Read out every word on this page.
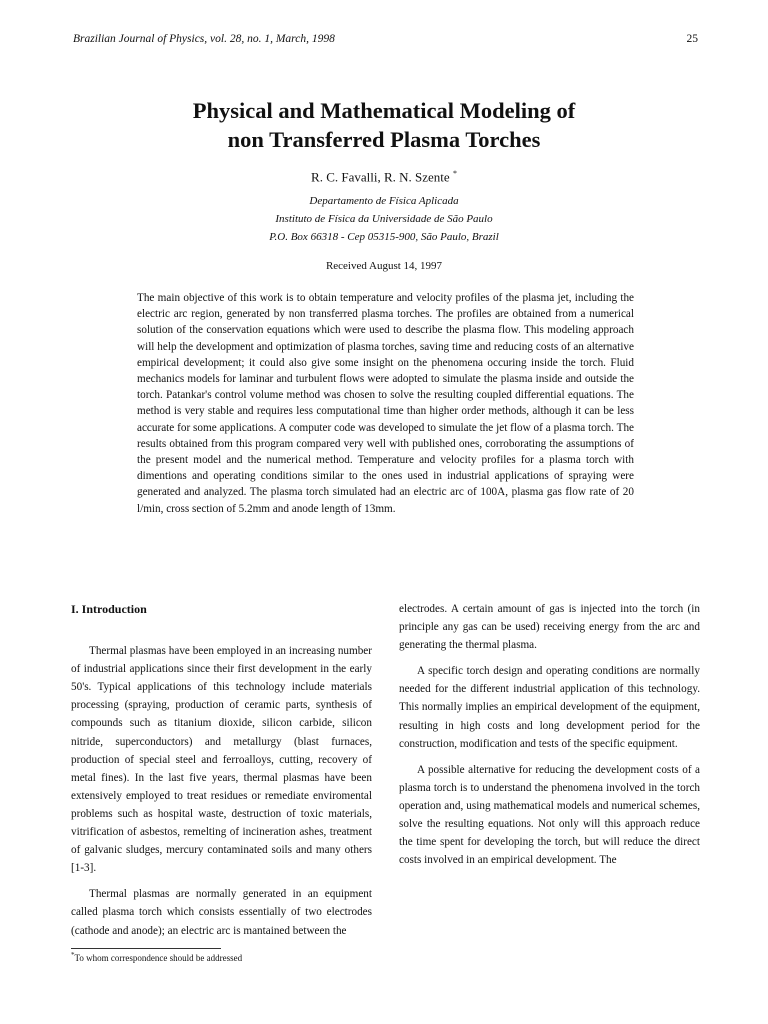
Brazilian Journal of Physics, vol. 28, no. 1, March, 1998	25
Physical and Mathematical Modeling of
non Transferred Plasma Torches
R. C. Favalli, R. N. Szente *
Departamento de Física Aplicada
Instituto de Física da Universidade de São Paulo
P.O. Box 66318 - Cep 05315-900, São Paulo, Brazil
Received August 14, 1997
The main objective of this work is to obtain temperature and velocity profiles of the plasma jet, including the electric arc region, generated by non transferred plasma torches. The profiles are obtained from a numerical solution of the conservation equations which were used to describe the plasma flow. This modeling approach will help the development and optimization of plasma torches, saving time and reducing costs of an alternative empirical development; it could also give some insight on the phenomena occuring inside the torch. Fluid mechanics models for laminar and turbulent flows were adopted to simulate the plasma inside and outside the torch. Patankar's control volume method was chosen to solve the resulting coupled differential equations. The method is very stable and requires less computational time than higher order methods, although it can be less accurate for some applications. A computer code was developed to simulate the jet flow of a plasma torch. The results obtained from this program compared very well with published ones, corroborating the assumptions of the present model and the numerical method. Temperature and velocity profiles for a plasma torch with dimentions and operating conditions similar to the ones used in industrial applications of spraying were generated and analyzed. The plasma torch simulated had an electric arc of 100A, plasma gas flow rate of 20 l/min, cross section of 5.2mm and anode length of 13mm.
I. Introduction

Thermal plasmas have been employed in an increasing number of industrial applications since their first development in the early 50's. Typical applications of this technology include materials processing (spraying, production of ceramic parts, synthesis of compounds such as titanium dioxide, silicon carbide, silicon nitride, superconductors) and metallurgy (blast furnaces, production of special steel and ferroalloys, cutting, recovery of metal fines). In the last five years, thermal plasmas have been extensively employed to treat residues or remediate enviromental problems such as hospital waste, destruction of toxic materials, vitrification of asbestos, remelting of incineration ashes, treatment of galvanic sludges, mercury contaminated soils and many others [1-3].

Thermal plasmas are normally generated in an equipment called plasma torch which consists essentially of two electrodes (cathode and anode); an electric arc is mantained between the

electrodes. A certain amount of gas is injected into the torch (in principle any gas can be used) receiving energy from the arc and generating the thermal plasma.

A specific torch design and operating conditions are normally needed for the different industrial application of this technology. This normally implies an empirical development of the equipment, resulting in high costs and long development period for the construction, modification and tests of the specific equipment.

A possible alternative for reducing the development costs of a plasma torch is to understand the phenomena involved in the torch operation and, using mathematical models and numerical schemes, solve the resulting equations. Not only will this approach reduce the time spent for developing the torch, but will reduce the direct costs involved in an empirical development. The

*To whom correspondence should be addressed
